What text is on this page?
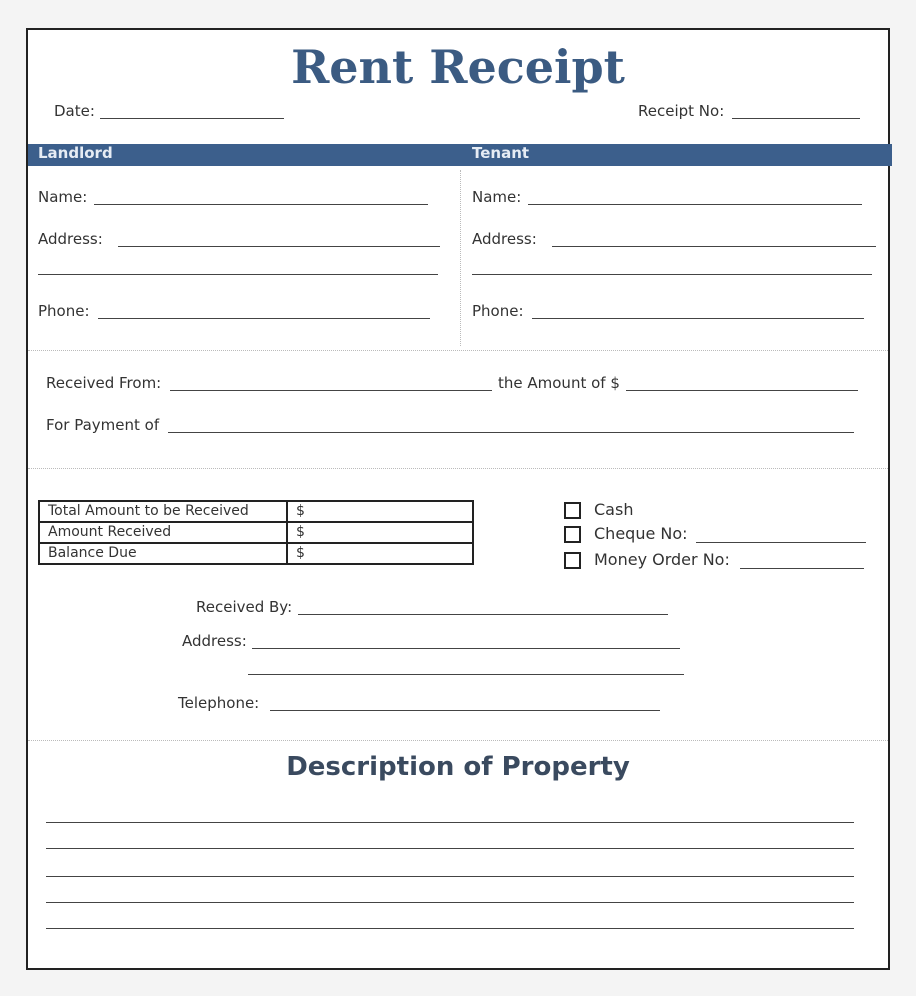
Rent Receipt
Date:	Receipt No:
Landlord	Tenant
Name:
Address:
Phone:
Name:
Address:
Phone:
Received From:	the Amount of $
For Payment of
Total Amount to be Received	$
Amount Received	$
Balance Due	$
Cash
Cheque No:
Money Order No:
Received By:
Address:
Telephone:
Description of Property
